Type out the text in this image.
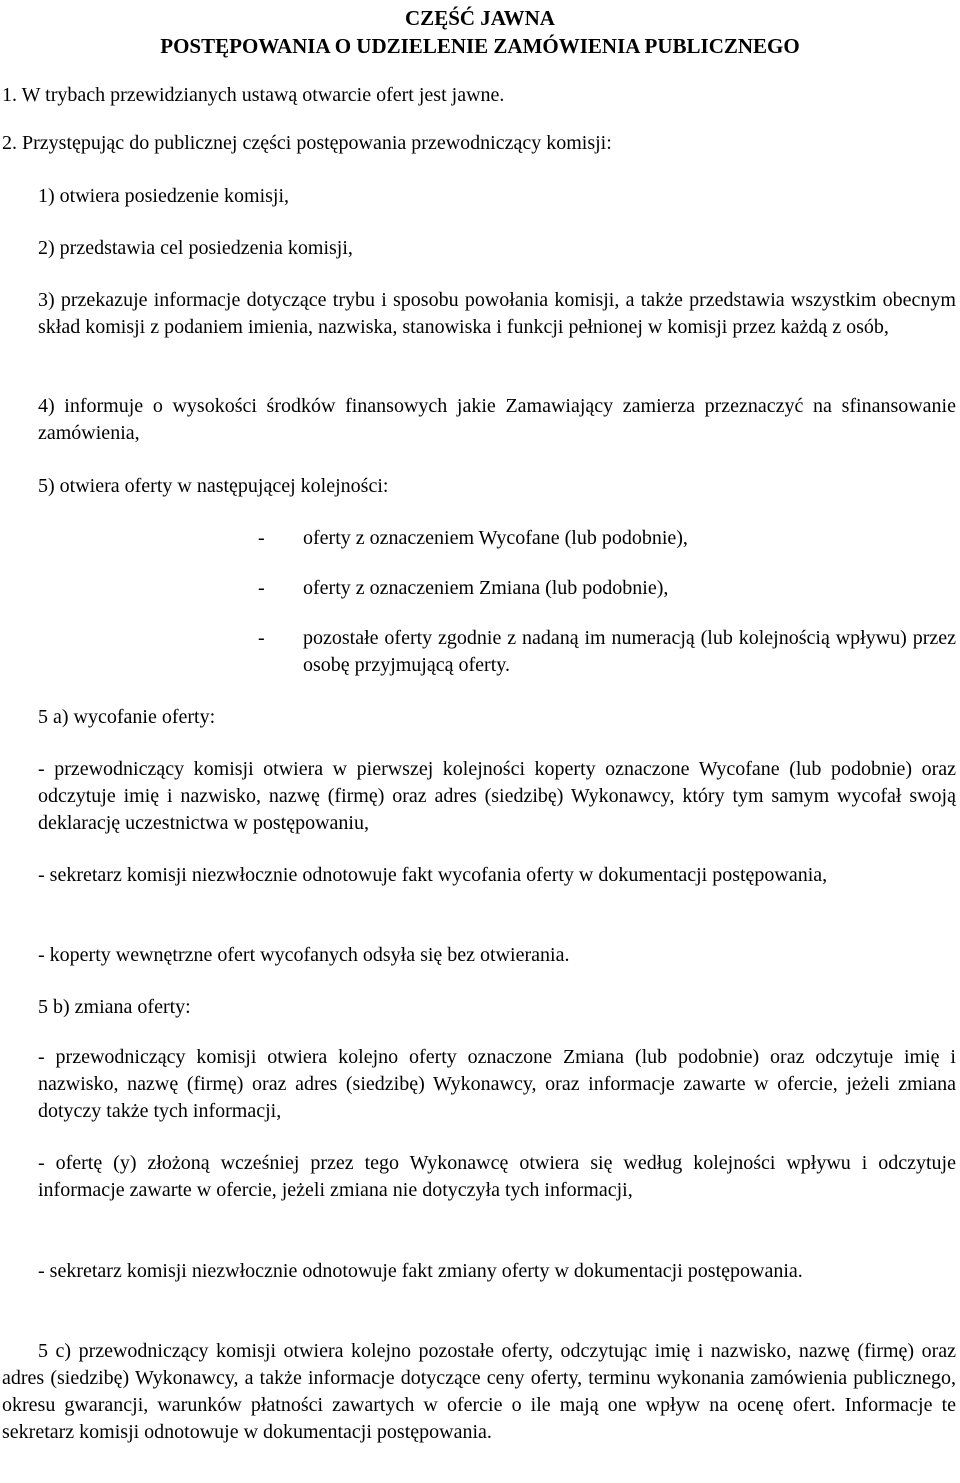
CZĘŚĆ JAWNA
POSTĘPOWANIA O UDZIELENIE ZAMÓWIENIA PUBLICZNEGO

1. W trybach przewidzianych ustawą otwarcie ofert jest jawne.

2. Przystępując do publicznej części postępowania przewodniczący komisji:

1) otwiera posiedzenie komisji,

2) przedstawia cel posiedzenia komisji,

3) przekazuje informacje dotyczące trybu i sposobu powołania komisji, a także przedstawia wszystkim obecnym skład komisji z podaniem imienia, nazwiska, stanowiska i funkcji pełnionej w komisji przez każdą z osób,

4) informuje o wysokości środków finansowych jakie Zamawiający zamierza przeznaczyć na sfinansowanie zamówienia,

5) otwiera oferty w następującej kolejności:

-	oferty z oznaczeniem Wycofane (lub podobnie),
-	oferty z oznaczeniem Zmiana (lub podobnie),
-	pozostałe oferty zgodnie z nadaną im numeracją (lub kolejnością wpływu) przez osobę przyjmującą oferty.

5 a) wycofanie oferty:

- przewodniczący komisji otwiera w pierwszej kolejności koperty oznaczone Wycofane (lub podobnie) oraz odczytuje imię i nazwisko, nazwę (firmę) oraz adres (siedzibę) Wykonawcy, który tym samym wycofał swoją deklarację uczestnictwa w postępowaniu,

- sekretarz komisji niezwłocznie odnotowuje fakt wycofania oferty w dokumentacji postępowania,

- koperty wewnętrzne ofert wycofanych odsyła się bez otwierania.

5 b) zmiana oferty:

- przewodniczący komisji otwiera kolejno oferty oznaczone Zmiana (lub podobnie) oraz odczytuje imię i nazwisko, nazwę (firmę) oraz adres (siedzibę) Wykonawcy, oraz informacje zawarte w ofercie, jeżeli zmiana dotyczy także tych informacji,

- ofertę (y) złożoną wcześniej przez tego Wykonawcę otwiera się według kolejności wpływu i odczytuje informacje zawarte w ofercie, jeżeli zmiana nie dotyczyła tych informacji,

- sekretarz komisji niezwłocznie odnotowuje fakt zmiany oferty w dokumentacji postępowania.

5 c) przewodniczący komisji otwiera kolejno pozostałe oferty, odczytując imię i nazwisko, nazwę (firmę) oraz adres (siedzibę) Wykonawcy, a także informacje dotyczące ceny oferty, terminu wykonania zamówienia publicznego, okresu gwarancji, warunków płatności zawartych w ofercie o ile mają one wpływ na ocenę ofert. Informacje te sekretarz komisji odnotowuje w dokumentacji postępowania.
